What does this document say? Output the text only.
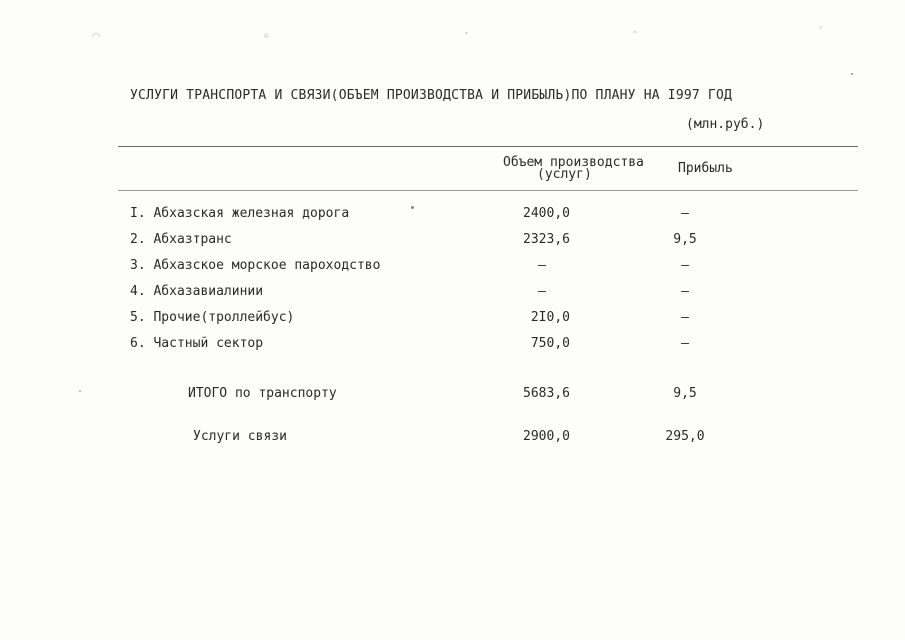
⌒	∘	·	˜	´
УСЛУГИ ТРАНСПОРТА И СВЯЗИ(ОБЪЕМ ПРОИЗВОДСТВА И ПРИБЫЛЬ)ПО ПЛАНУ НА I997 ГОД
(млн.руб.)
Объем производства
(услуг)	Прибыль
I. Абхазская железная дорога	2400,0	–
2. Абхазтранс	2323,6	9,5
3. Абхазское морское пароходство	–	–
4. Абхазавиалинии	–	–
5. Прочие(троллейбус)	2I0,0	–
6. Частный сектор	750,0	–
ИТОГО по транспорту	5683,6	9,5
Услуги связи	2900,0	295,0
